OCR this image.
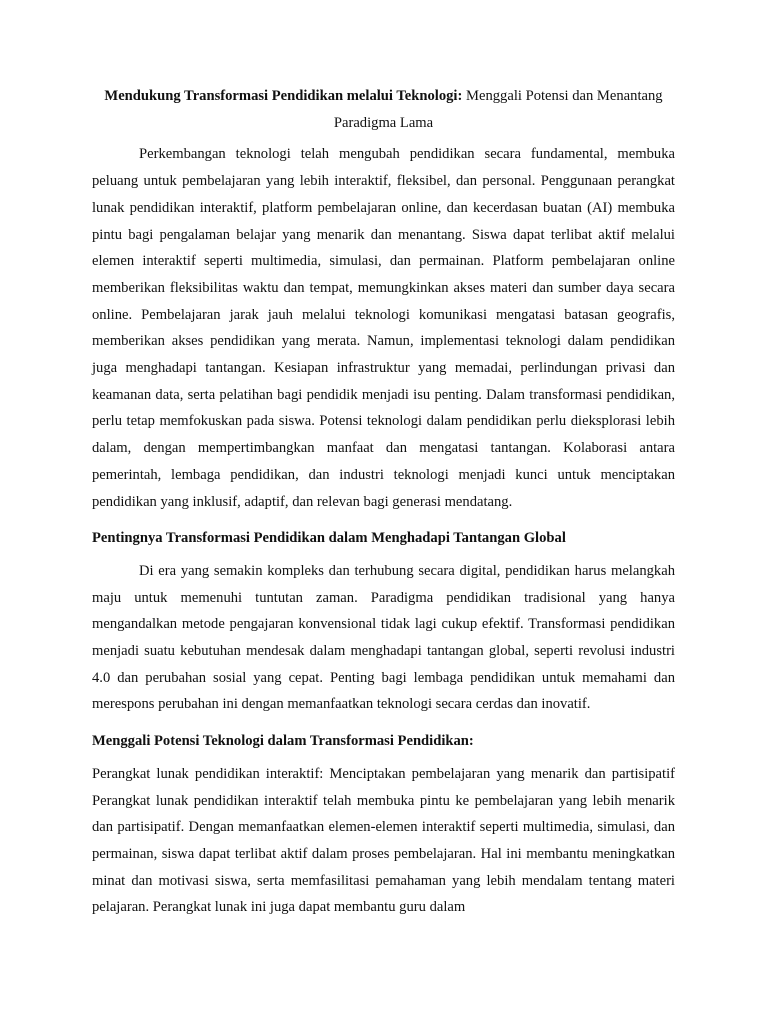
Mendukung Transformasi Pendidikan melalui Teknologi: Menggali Potensi dan Menantang Paradigma Lama

Perkembangan teknologi telah mengubah pendidikan secara fundamental, membuka peluang untuk pembelajaran yang lebih interaktif, fleksibel, dan personal. Penggunaan perangkat lunak pendidikan interaktif, platform pembelajaran online, dan kecerdasan buatan (AI) membuka pintu bagi pengalaman belajar yang menarik dan menantang. Siswa dapat terlibat aktif melalui elemen interaktif seperti multimedia, simulasi, dan permainan. Platform pembelajaran online memberikan fleksibilitas waktu dan tempat, memungkinkan akses materi dan sumber daya secara online. Pembelajaran jarak jauh melalui teknologi komunikasi mengatasi batasan geografis, memberikan akses pendidikan yang merata. Namun, implementasi teknologi dalam pendidikan juga menghadapi tantangan. Kesiapan infrastruktur yang memadai, perlindungan privasi dan keamanan data, serta pelatihan bagi pendidik menjadi isu penting. Dalam transformasi pendidikan, perlu tetap memfokuskan pada siswa. Potensi teknologi dalam pendidikan perlu dieksplorasi lebih dalam, dengan mempertimbangkan manfaat dan mengatasi tantangan. Kolaborasi antara pemerintah, lembaga pendidikan, dan industri teknologi menjadi kunci untuk menciptakan pendidikan yang inklusif, adaptif, dan relevan bagi generasi mendatang.

Pentingnya Transformasi Pendidikan dalam Menghadapi Tantangan Global

Di era yang semakin kompleks dan terhubung secara digital, pendidikan harus melangkah maju untuk memenuhi tuntutan zaman. Paradigma pendidikan tradisional yang hanya mengandalkan metode pengajaran konvensional tidak lagi cukup efektif. Transformasi pendidikan menjadi suatu kebutuhan mendesak dalam menghadapi tantangan global, seperti revolusi industri 4.0 dan perubahan sosial yang cepat. Penting bagi lembaga pendidikan untuk memahami dan merespons perubahan ini dengan memanfaatkan teknologi secara cerdas dan inovatif.

Menggali Potensi Teknologi dalam Transformasi Pendidikan:

Perangkat lunak pendidikan interaktif: Menciptakan pembelajaran yang menarik dan partisipatif Perangkat lunak pendidikan interaktif telah membuka pintu ke pembelajaran yang lebih menarik dan partisipatif. Dengan memanfaatkan elemen-elemen interaktif seperti multimedia, simulasi, dan permainan, siswa dapat terlibat aktif dalam proses pembelajaran. Hal ini membantu meningkatkan minat dan motivasi siswa, serta memfasilitasi pemahaman yang lebih mendalam tentang materi pelajaran. Perangkat lunak ini juga dapat membantu guru dalam
